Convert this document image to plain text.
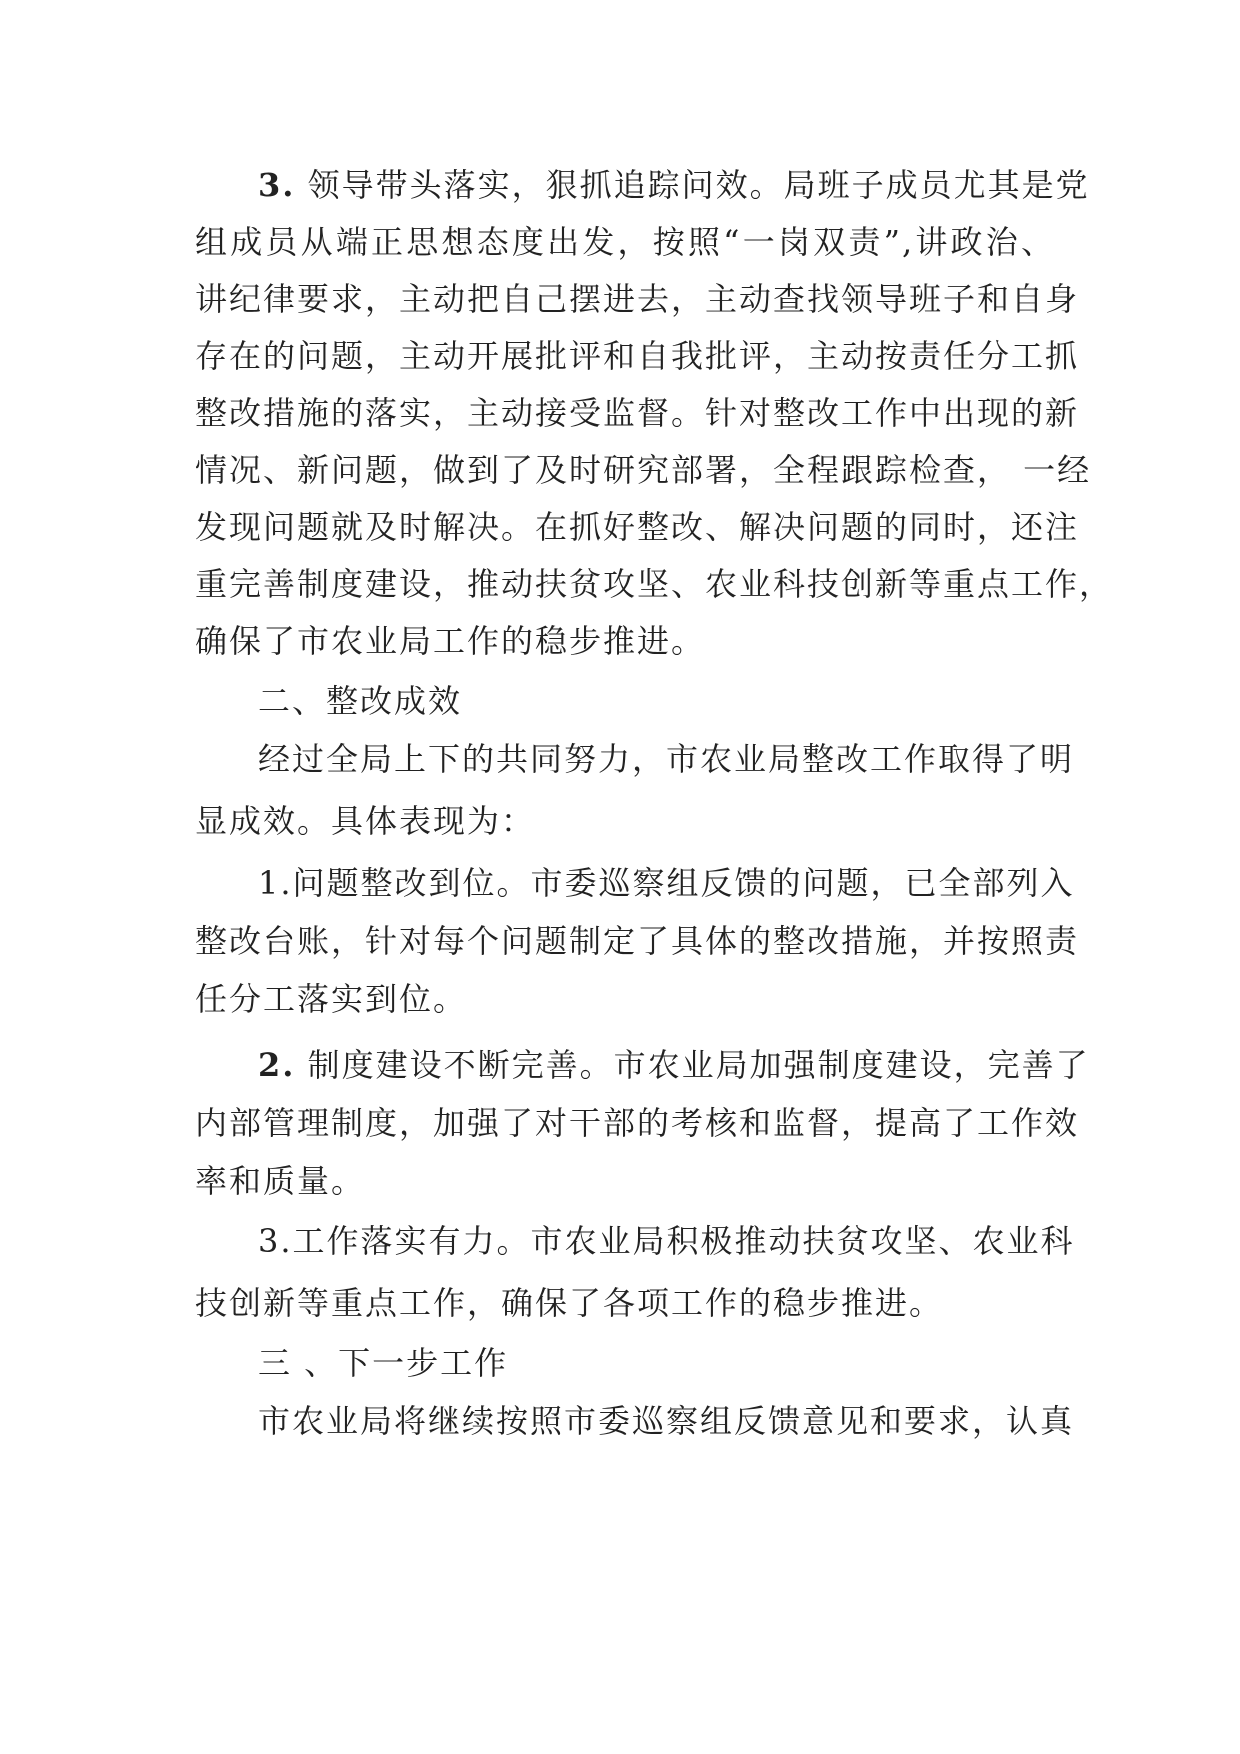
3. 领导带头落实，狠抓追踪问效。局班子成员尤其是党
组成员从端正思想态度出发，按照“一岗双责”,讲政治、
讲纪律要求，主动把自己摆进去，主动查找领导班子和自身
存在的问题，主动开展批评和自我批评，主动按责任分工抓
整改措施的落实，主动接受监督。针对整改工作中出现的新
情况、新问题，做到了及时研究部署，全程跟踪检查， 一经
发现问题就及时解决。在抓好整改、解决问题的同时，还注
重完善制度建设，推动扶贫攻坚、农业科技创新等重点工作，
确保了市农业局工作的稳步推进。
二、整改成效
经过全局上下的共同努力，市农业局整改工作取得了明
显成效。具体表现为：
1.问题整改到位。市委巡察组反馈的问题，已全部列入
整改台账，针对每个问题制定了具体的整改措施，并按照责
任分工落实到位。
2. 制度建设不断完善。市农业局加强制度建设，完善了
内部管理制度，加强了对干部的考核和监督，提高了工作效
率和质量。
3.工作落实有力。市农业局积极推动扶贫攻坚、农业科
技创新等重点工作，确保了各项工作的稳步推进。
三 、下一步工作
市农业局将继续按照市委巡察组反馈意见和要求，认真
